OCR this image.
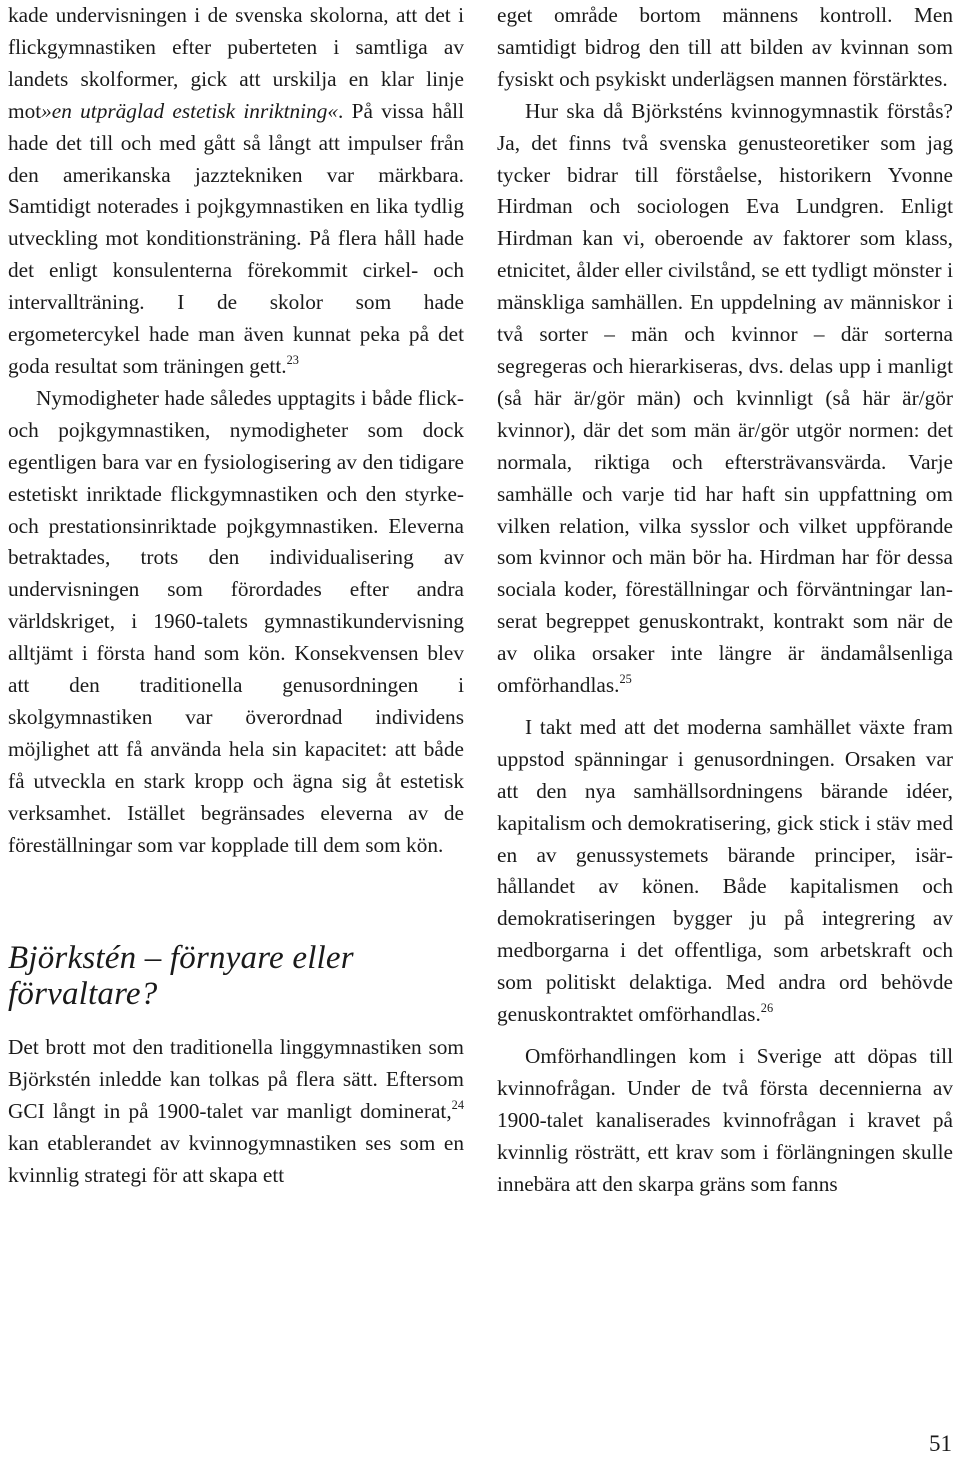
kade undervisningen i de svenska skolorna, att det i flickgymnastiken efter puberteten i samtliga av landets skolformer, gick att urskilja en klar linje mot»en utpräglad estetisk inriktning«. På vissa håll hade det till och med gått så långt att impulser från den amerikanska jazztekniken var märkbara. Samtidigt noterades i pojkgymnastiken en lika tydlig utveckling mot konditionsträning. På flera håll hade det enligt konsulenterna förekommit cirkel- och intervallträning. I de skolor som hade ergometercykel hade man även kunnat peka på det goda resultat som träningen gett.$^{23}$

Nymodigheter hade således upptagits i både flick- och pojkgymnastiken, nymodigheter som dock egentligen bara var en fysiologisering av den tidigare estetiskt inriktade flickgymnastiken och den styrke- och prestationsinriktade pojkgymnastiken. Eleverna betraktades, trots den individualisering av undervisningen som förordades efter andra världskriget, i 1960-talets gymnastikundervisning alltjämt i första hand som kön. Konsekvensen blev att den traditionella genusordningen i skolgymnastiken var överordnad individens möjlighet att få använda hela sin kapacitet: att både få utveckla en stark kropp och ägna sig åt estetisk verksamhet. Istället begränsades eleverna av de föreställningar som var kopplade till dem som kön.

Björkstén – förnyare eller förvaltare?

Det brott mot den traditionella linggymnastiken som Björkstén inledde kan tolkas på flera sätt. Eftersom GCI långt in på 1900-talet var manligt dominerat,$^{24}$ kan etablerandet av kvinnogymnastiken ses som en kvinnlig strategi för att skapa ett

eget område bortom männens kontroll. Men samtidigt bidrog den till att bilden av kvinnan som fysiskt och psykiskt underlägsen mannen förstärktes.

Hur ska då Björksténs kvinnogymnastik förstås? Ja, det finns två svenska genusteoretiker som jag tycker bidrar till förståelse, historikern Yvonne Hirdman och sociologen Eva Lundgren. Enligt Hirdman kan vi, oberoende av faktorer som klass, etnicitet, ålder eller civilstånd, se ett tydligt mönster i mänskliga samhällen. En uppdelning av människor i två sorter – män och kvinnor – där sorterna segregeras och hierarkiseras, dvs. delas upp i manligt (så här är/gör män) och kvinnligt (så här är/gör kvinnor), där det som män är/gör utgör normen: det normala, riktiga och eftersträvansvärda. Varje samhälle och varje tid har haft sin uppfattning om vilken relation, vilka sysslor och vilket uppförande som kvinnor och män bör ha. Hirdman har för dessa sociala koder, föreställningar och förväntningar lanserat begreppet genuskontrakt, kontrakt som när de av olika orsaker inte längre är ändamålsenliga omförhandlas.$^{25}$

I takt med att det moderna samhället växte fram uppstod spänningar i genusordningen. Orsaken var att den nya samhällsordningens bärande idéer, kapitalism och demokratisering, gick stick i stäv med en av genussystemets bärande principer, isärhållandet av könen. Både kapitalismen och demokratiseringen bygger ju på integrering av medborgarna i det offentliga, som arbetskraft och som politiskt delaktiga. Med andra ord behövde genuskontraktet omförhandlas.$^{26}$

Omförhandlingen kom i Sverige att döpas till kvinnofrågan. Under de två första decennierna av 1900-talet kanaliserades kvinnofrågan i kravet på kvinnlig rösträtt, ett krav som i förlängningen skulle innebära att den skarpa gräns som fanns

51
